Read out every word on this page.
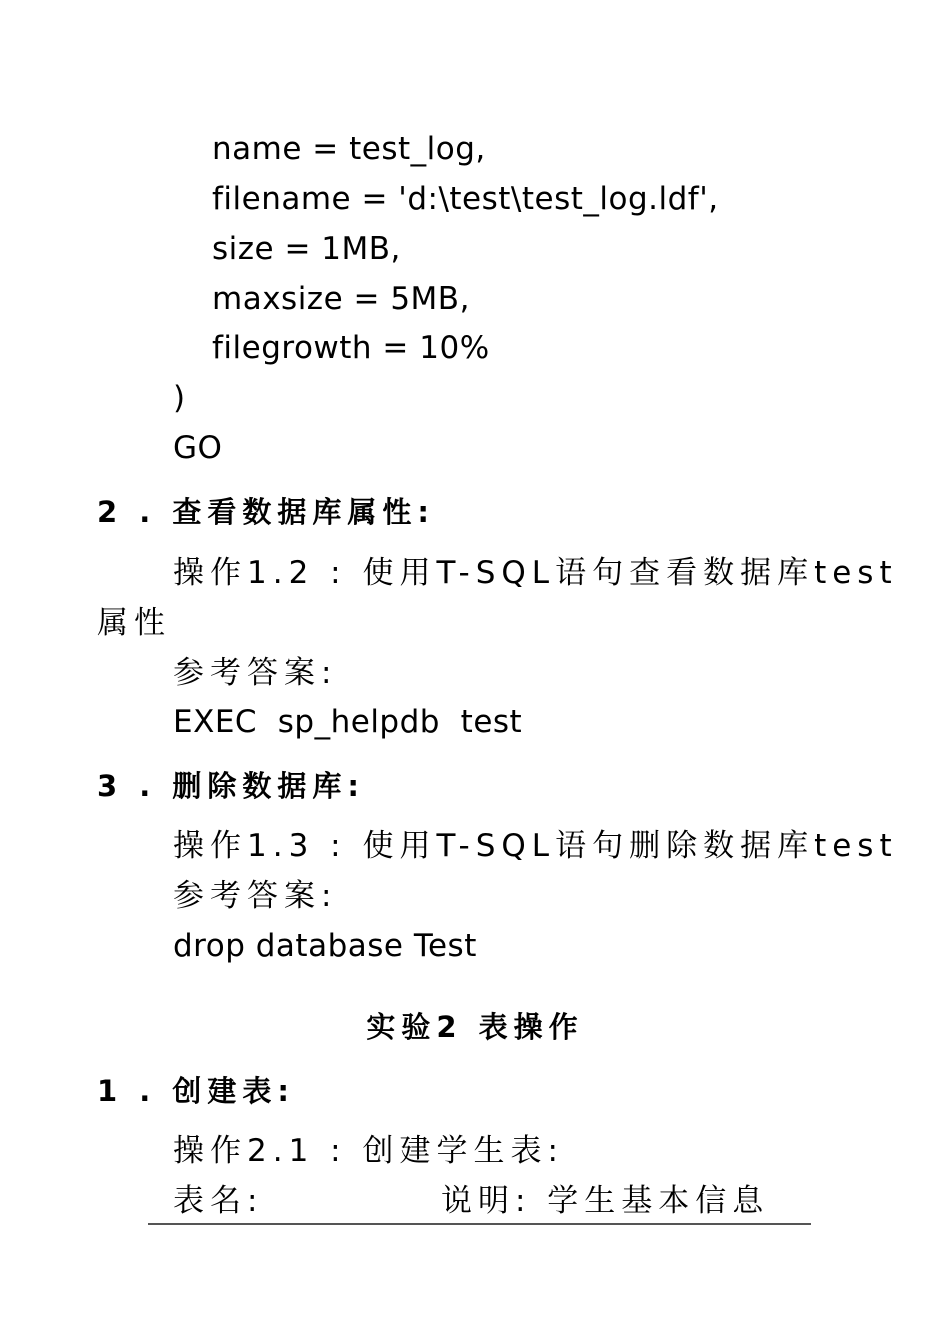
name = test_log,
filename = 'd:\test\test_log.ldf',
size = 1MB,
maxsize = 5MB,
filegrowth = 10%
)
GO
2 . 查看数据库属性:
操作1.2 : 使用T-SQL语句查看数据库test
属性
参考答案:
EXEC  sp_helpdb  test
3 . 删除数据库:
操作1.3 : 使用T-SQL语句删除数据库test
参考答案:
drop database Test
实验2 表操作
1 . 创建表:
操作2.1 : 创建学生表:
表名:	说明: 学生基本信息
